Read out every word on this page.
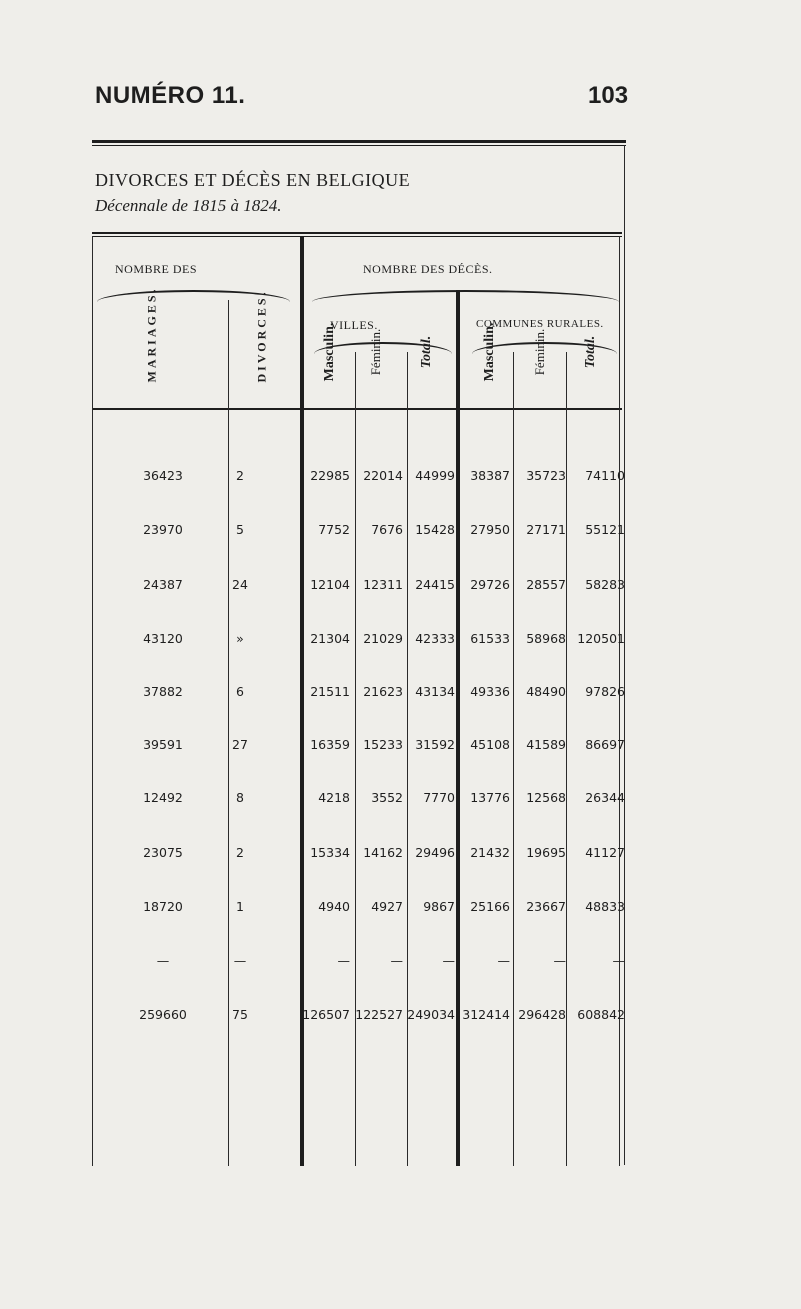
NUMÉRO 11.	103
DIVORCES ET DÉCÈS EN BELGIQUE
Décennale de 1815 à 1824.
NOMBRE DES	NOMBRE DES DÉCÈS.
VILLES.	COMMUNES RURALES.
MARIAGES.	DIVORCES.	Masculin. Féminin.	Total.	Masculin.	Féminin.	Total.
36423	2	22985	22014 44999	38387	35723	74110
23970	5	7752	7676 15428	27950	27171	55121
24387	24	12104	12311 24415	29726	28557	58283
43120	»	21304	21029 42333	61533	58968 120501
37882	6	21511	21623 43134	49336	48490	97826
39591	27	16359	15233 31592	45108	41589	86697
12492	8	4218	3552	7770	13776	12568	26344
23075	2	15334	14162 29496	21432	19695	41127
18720	1	4940	4927	9867	25166	23667	48833
—	—	—	—	—	—	—	—
259660	75	126507 122527 249034 312414 296428 608842
